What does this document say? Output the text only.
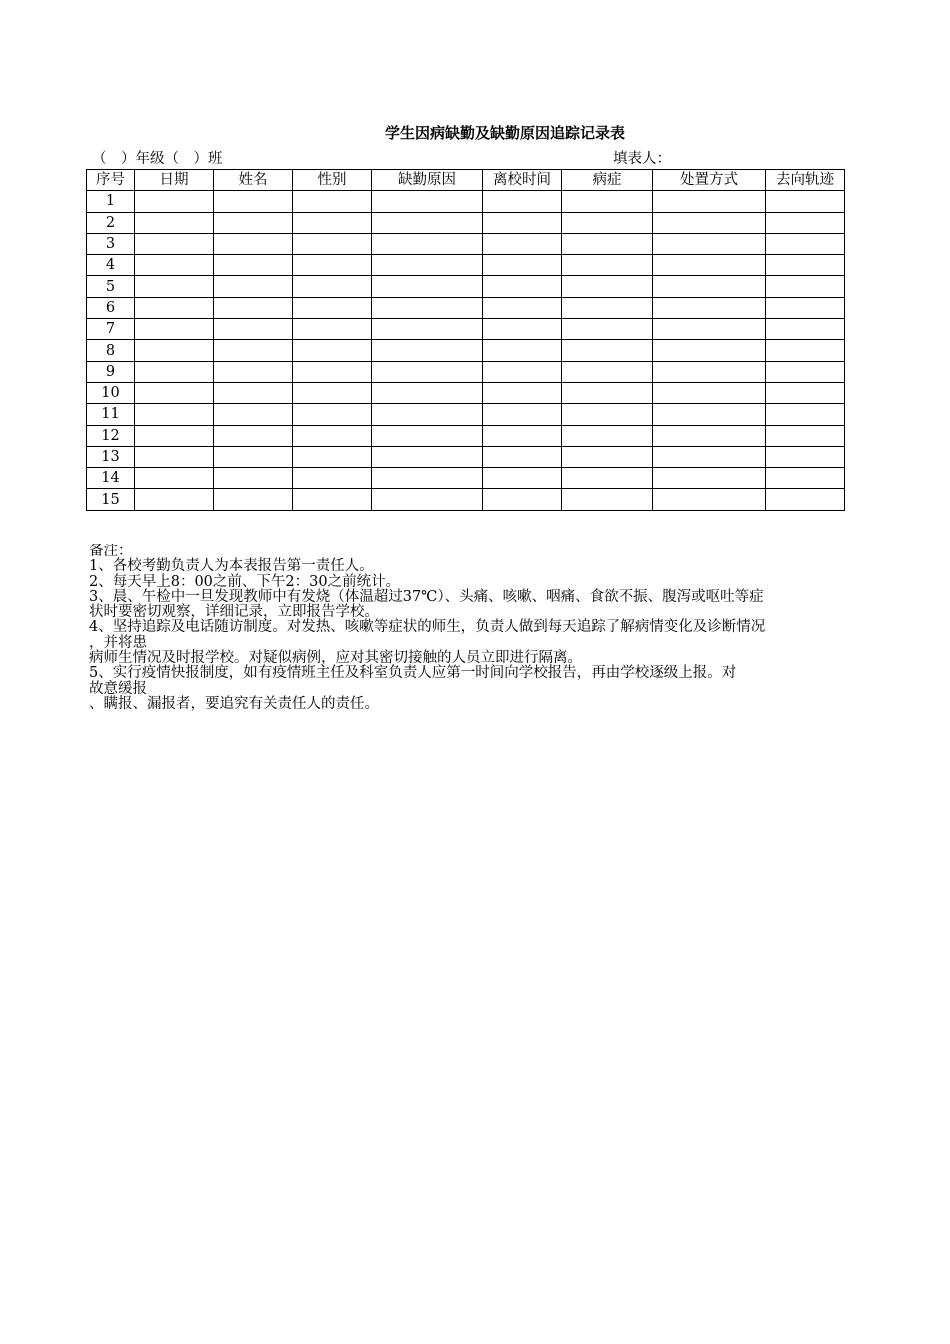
学生因病缺勤及缺勤原因追踪记录表
（　）年级（　）班	填表人：
序号	日期	姓名	性别	缺勤原因	离校时间	病症	处置方式	去向轨迹
1								
2								
3								
4								
5								
6								
7								
8								
9								
10								
11								
12								
13								
14								
15								
备注：
1、各校考勤负责人为本表报告第一责任人。
2、每天早上8：00之前、下午2：30之前统计。
3、晨、午检中一旦发现教师中有发烧（体温超过37℃）、头痛、咳嗽、咽痛、食欲不振、腹泻或呕吐等症
状时要密切观察，详细记录，立即报告学校。
4、坚持追踪及电话随访制度。对发热、咳嗽等症状的师生，负责人做到每天追踪了解病情变化及诊断情况
，并将患
病师生情况及时报学校。对疑似病例，应对其密切接触的人员立即进行隔离。
5、实行疫情快报制度，如有疫情班主任及科室负责人应第一时间向学校报告，再由学校逐级上报。对
故意缓报
、瞒报、漏报者，要追究有关责任人的责任。
